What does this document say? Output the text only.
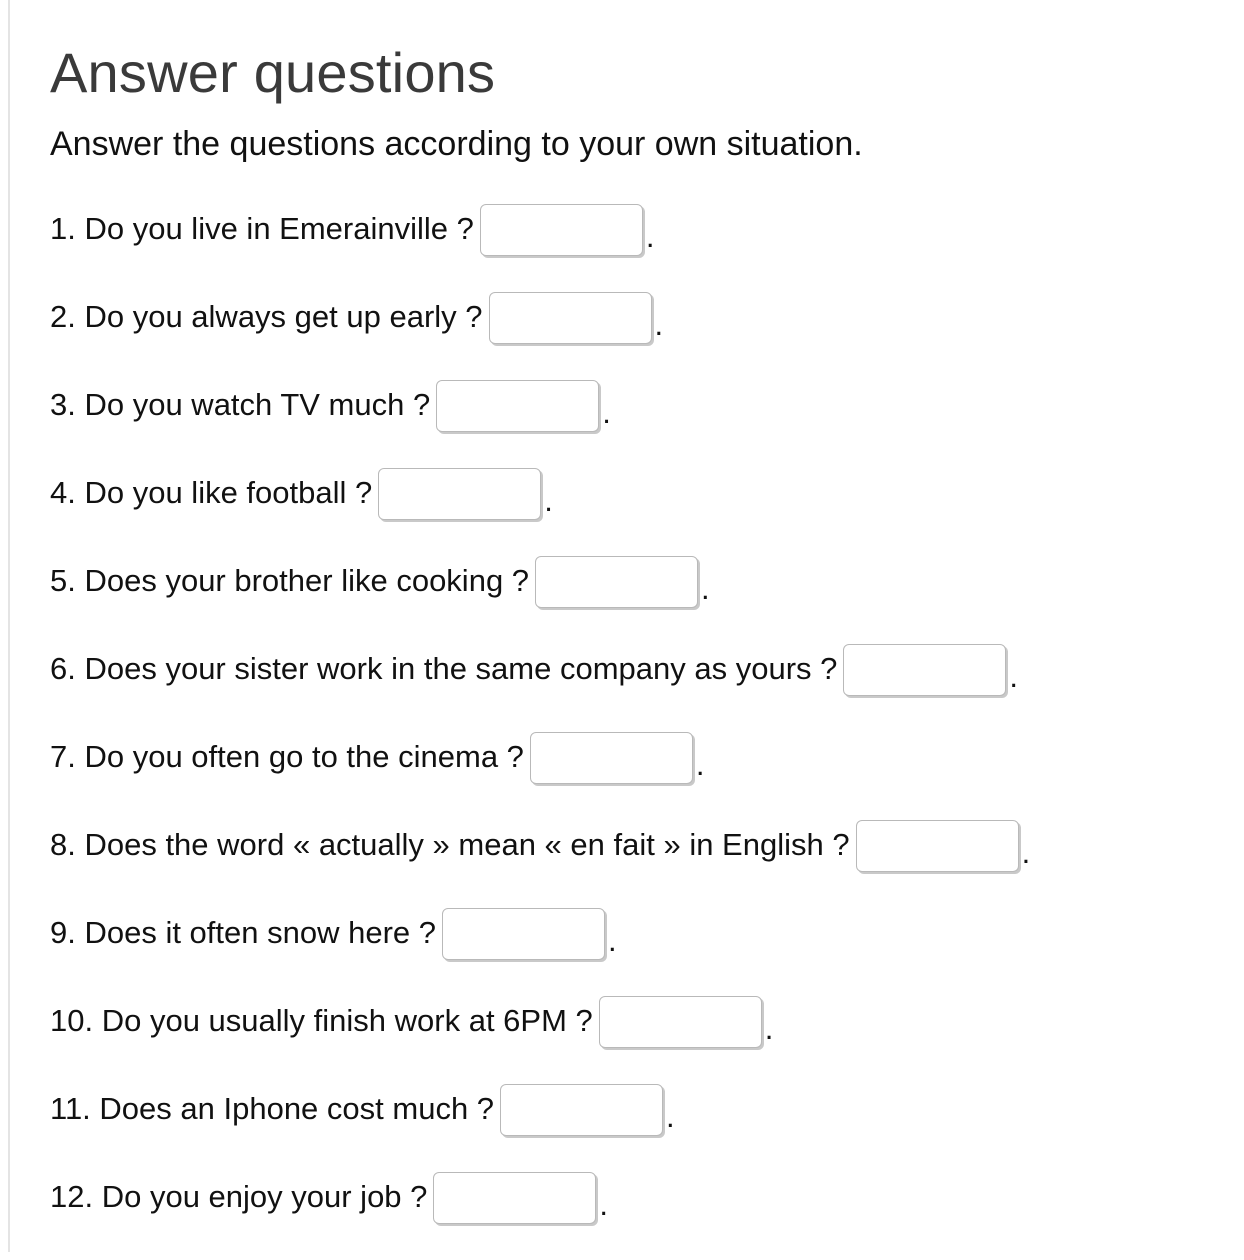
Answer questions

Answer the questions according to your own situation.

1. Do you live in Emerainville ?	.
2. Do you always get up early ?	.
3. Do you watch TV much ?	.
4. Do you like football ?	.
5. Does your brother like cooking ?	.
6. Does your sister work in the same company as yours ?	.
7. Do you often go to the cinema ?	.
8. Does the word « actually » mean « en fait » in English ?	.
9. Does it often snow here ?	.
10. Do you usually finish work at 6PM ?	.
11. Does an Iphone cost much ?	.
12. Do you enjoy your job ?	.
